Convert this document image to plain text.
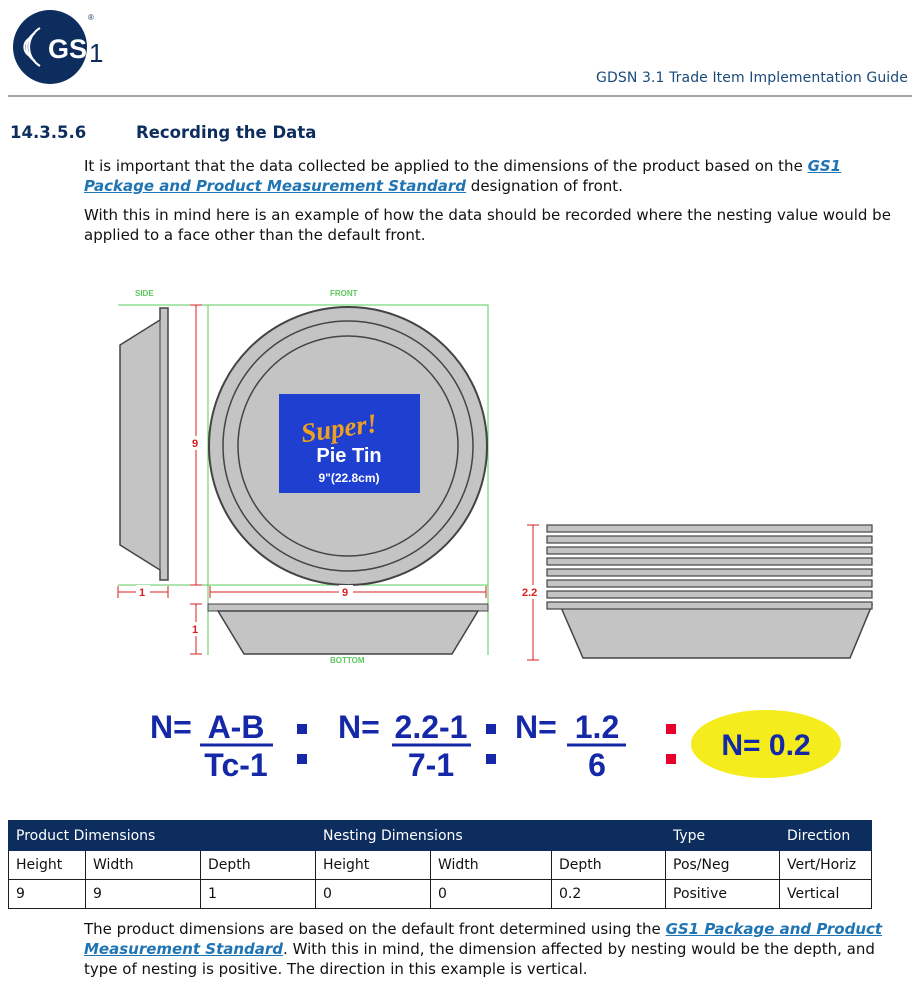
GS 1
®
GDSN 3.1 Trade Item Implementation Guide
14.3.5.6	Recording the Data
It is important that the data collected be applied to the dimensions of the product based on the GS1 Package and Product Measurement Standard designation of front.
With this in mind here is an example of how the data should be recorded where the nesting value would be applied to a face other than the default front.
SIDE	FRONT
BOTTOM
Super!
Pie Tin
9"(22.8cm)
9
9
1
1
2.2
N= A-B
Tc-1
N= 2.2-1
7-1
N= 1.2
6
N= 0.2
Product Dimensions			Nesting Dimensions			Type	Direction
Height	Width	Depth	Height	Width	Depth	Pos/Neg	Vert/Horiz
9	9	1	0	0	0.2	Positive	Vertical
The product dimensions are based on the default front determined using the GS1 Package and Product Measurement Standard. With this in mind, the dimension affected by nesting would be the depth, and type of nesting is positive. The direction in this example is vertical.
